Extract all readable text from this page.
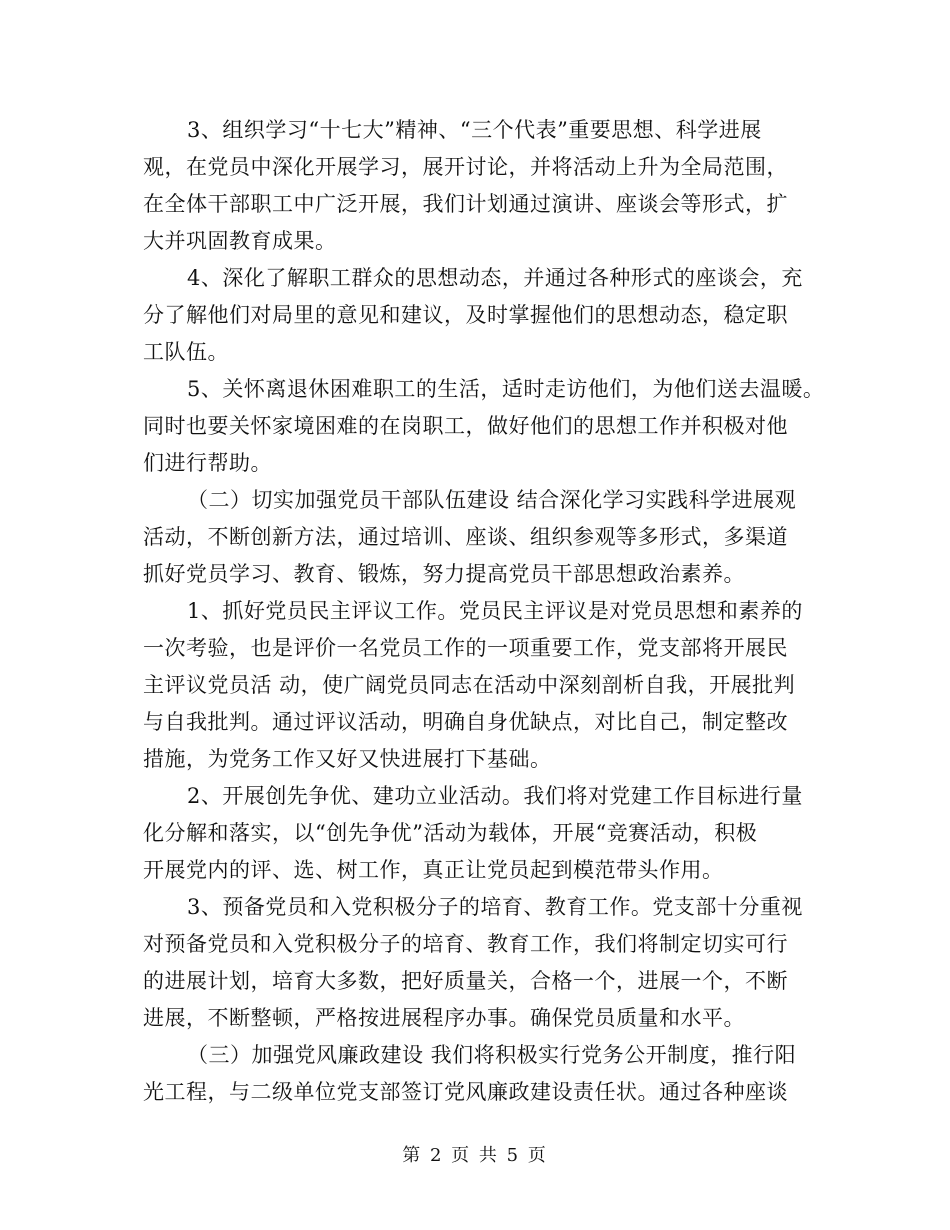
3、组织学习“十七大”精神、“三个代表”重要思想、科学进展
观，在党员中深化开展学习，展开讨论，并将活动上升为全局范围，
在全体干部职工中广泛开展，我们计划通过演讲、座谈会等形式，扩
大并巩固教育成果。
4、深化了解职工群众的思想动态，并通过各种形式的座谈会，充
分了解他们对局里的意见和建议，及时掌握他们的思想动态，稳定职
工队伍。
5、关怀离退休困难职工的生活，适时走访他们，为他们送去温暖。
同时也要关怀家境困难的在岗职工，做好他们的思想工作并积极对他
们进行帮助。
（二）切实加强党员干部队伍建设 结合深化学习实践科学进展观
活动，不断创新方法，通过培训、座谈、组织参观等多形式，多渠道
抓好党员学习、教育、锻炼，努力提高党员干部思想政治素养。
1、抓好党员民主评议工作。党员民主评议是对党员思想和素养的
一次考验，也是评价一名党员工作的一项重要工作，党支部将开展民
主评议党员活 动，使广阔党员同志在活动中深刻剖析自我，开展批判
与自我批判。通过评议活动，明确自身优缺点，对比自己，制定整改
措施，为党务工作又好又快进展打下基础。
2、开展创先争优、建功立业活动。我们将对党建工作目标进行量
化分解和落实，以“创先争优”活动为载体，开展“竞赛活动，积极
开展党内的评、选、树工作，真正让党员起到模范带头作用。
3、预备党员和入党积极分子的培育、教育工作。党支部十分重视
对预备党员和入党积极分子的培育、教育工作，我们将制定切实可行
的进展计划，培育大多数，把好质量关，合格一个，进展一个，不断
进展，不断整顿，严格按进展程序办事。确保党员质量和水平。
（三）加强党风廉政建设 我们将积极实行党务公开制度，推行阳
光工程，与二级单位党支部签订党风廉政建设责任状。通过各种座谈
第 2 页 共 5 页
